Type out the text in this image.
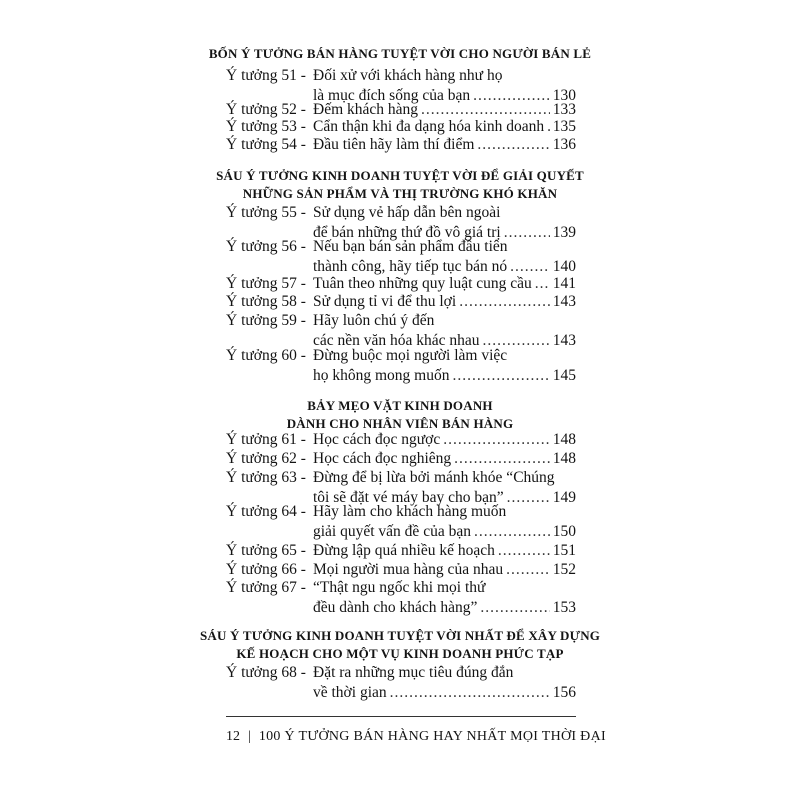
BỐN Ý TƯỞNG BÁN HÀNG TUYỆT VỜI CHO NGƯỜI BÁN LẺ
Ý tưởng 51 - Đối xử với khách hàng như họ
là mục đích sống của bạn .....	130
Ý tưởng 52 - Đếm khách hàng .....	133
Ý tưởng 53 - Cẩn thận khi đa dạng hóa kinh doanh ..... 135
Ý tưởng 54 - Đầu tiên hãy làm thí điểm .....	136
SÁU Ý TƯỞNG KINH DOANH TUYỆT VỜI ĐỂ GIẢI QUYẾT
NHỮNG SẢN PHẨM VÀ THỊ TRƯỜNG KHÓ KHĂN
Ý tưởng 55 - Sử dụng vẻ hấp dẫn bên ngoài
để bán những thứ đồ vô giá trị .....	139
Ý tưởng 56 - Nếu bạn bán sản phẩm đầu tiên
thành công, hãy tiếp tục bán nó .....	140
Ý tưởng 57 - Tuân theo những quy luật cung cầu ..... 141
Ý tưởng 58 - Sử dụng tỉ vi để thu lợi .....	143
Ý tưởng 59 - Hãy luôn chú ý đến
các nền văn hóa khác nhau .....	143
Ý tưởng 60 - Đừng buộc mọi người làm việc
họ không mong muốn .....	145
BẢY MẸO VẶT KINH DOANH
DÀNH CHO NHÂN VIÊN BÁN HÀNG
Ý tưởng 61 - Học cách đọc ngược .....	148
Ý tưởng 62 - Học cách đọc nghiêng .....	148
Ý tưởng 63 - Đừng để bị lừa bởi mánh khóe “Chúng
tôi sẽ đặt vé máy bay cho bạn” .....	149
Ý tưởng 64 - Hãy làm cho khách hàng muốn
giải quyết vấn đề của bạn .....	150
Ý tưởng 65 - Đừng lập quá nhiều kế hoạch .....	151
Ý tưởng 66 - Mọi người mua hàng của nhau .....	152
Ý tưởng 67 - “Thật ngu ngốc khi mọi thứ
đều dành cho khách hàng” .....	153
SÁU Ý TƯỞNG KINH DOANH TUYỆT VỜI NHẤT ĐỂ XÂY DỰNG
KẾ HOẠCH CHO MỘT VỤ KINH DOANH PHỨC TẠP
Ý tưởng 68 - Đặt ra những mục tiêu đúng đắn
về thời gian .....	156
12 | 100 Ý TƯỞNG BÁN HÀNG HAY NHẤT MỌI THỜI ĐẠI
